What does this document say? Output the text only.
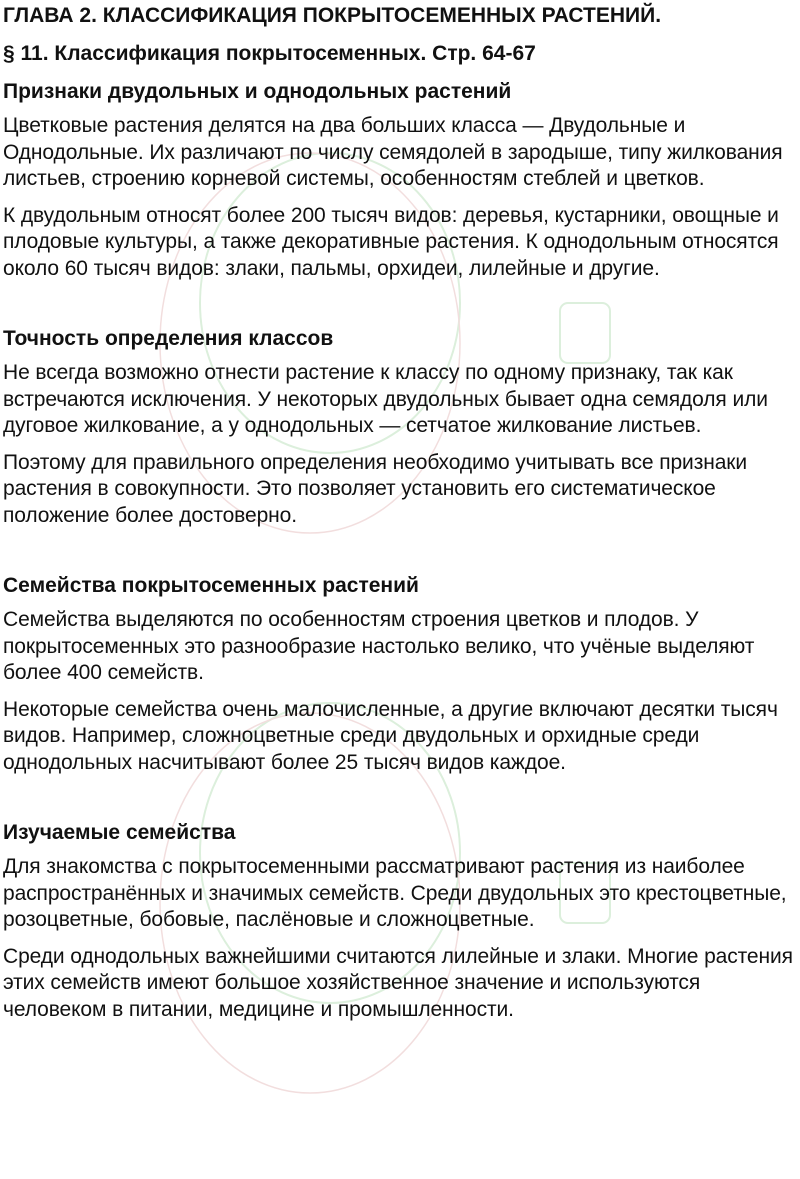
ГЛАВА 2. КЛАССИФИКАЦИЯ ПОКРЫТОСЕМЕННЫХ РАСТЕНИЙ.
§ 11. Классификация покрытосеменных. Стр. 64-67
Признаки двудольных и однодольных растений

Цветковые растения делятся на два больших класса — Двудольные и Однодольные. Их различают по числу семядолей в зародыше, типу жилкования листьев, строению корневой системы, особенностям стеблей и цветков.

К двудольным относят более 200 тысяч видов: деревья, кустарники, овощные и плодовые культуры, а также декоративные растения. К однодольным относятся около 60 тысяч видов: злаки, пальмы, орхидеи, лилейные и другие.

Точность определения классов

Не всегда возможно отнести растение к классу по одному признаку, так как встречаются исключения. У некоторых двудольных бывает одна семядоля или дуговое жилкование, а у однодольных — сетчатое жилкование листьев.

Поэтому для правильного определения необходимо учитывать все признаки растения в совокупности. Это позволяет установить его систематическое положение более достоверно.

Семейства покрытосеменных растений

Семейства выделяются по особенностям строения цветков и плодов. У покрытосеменных это разнообразие настолько велико, что учёные выделяют более 400 семейств.

Некоторые семейства очень малочисленные, а другие включают десятки тысяч видов. Например, сложноцветные среди двудольных и орхидные среди однодольных насчитывают более 25 тысяч видов каждое.

Изучаемые семейства

Для знакомства с покрытосеменными рассматривают растения из наиболее распространённых и значимых семейств. Среди двудольных это крестоцветные, розоцветные, бобовые, паслёновые и сложноцветные.

Среди однодольных важнейшими считаются лилейные и злаки. Многие растения этих семейств имеют большое хозяйственное значение и используются человеком в питании, медицине и промышленности.
